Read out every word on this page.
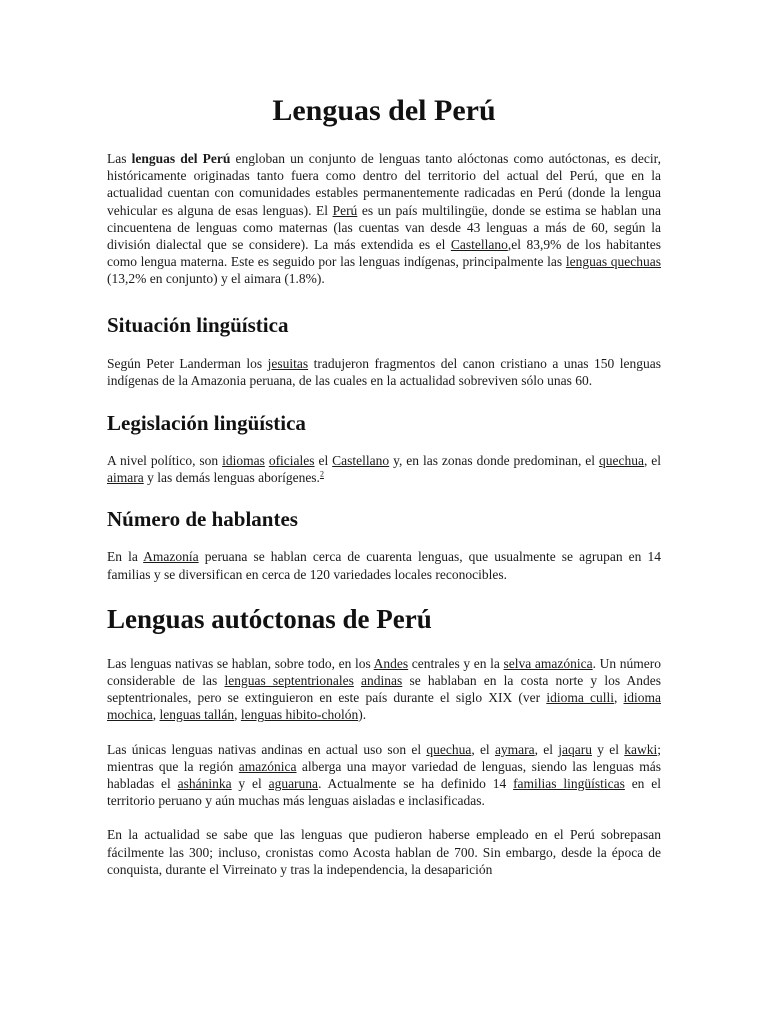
Lenguas del Perú

Las lenguas del Perú engloban un conjunto de lenguas tanto alóctonas como autóctonas, es decir, históricamente originadas tanto fuera como dentro del territorio del actual del Perú, que en la actualidad cuentan con comunidades estables permanentemente radicadas en Perú (donde la lengua vehicular es alguna de esas lenguas). El Perú es un país multilingüe, donde se estima se hablan una cincuentena de lenguas como maternas (las cuentas van desde 43 lenguas a más de 60, según la división dialectal que se considere). La más extendida es el Castellano,el 83,9% de los habitantes como lengua materna. Este es seguido por las lenguas indígenas, principalmente las lenguas quechuas (13,2% en conjunto) y el aimara (1.8%).

Situación lingüística

Según Peter Landerman los jesuitas tradujeron fragmentos del canon cristiano a unas 150 lenguas indígenas de la Amazonia peruana, de las cuales en la actualidad sobreviven sólo unas 60.

Legislación lingüística

A nivel político, son idiomas oficiales el Castellano y, en las zonas donde predominan, el quechua, el aimara y las demás lenguas aborígenes.$^2$

Número de hablantes

En la Amazonía peruana se hablan cerca de cuarenta lenguas, que usualmente se agrupan en 14 familias y se diversifican en cerca de 120 variedades locales reconocibles.

Lenguas autóctonas de Perú

Las lenguas nativas se hablan, sobre todo, en los Andes centrales y en la selva amazónica. Un número considerable de las lenguas septentrionales andinas se hablaban en la costa norte y los Andes septentrionales, pero se extinguieron en este país durante el siglo XIX (ver idioma culli, idioma mochica, lenguas tallán, lenguas hibito-cholón).

Las únicas lenguas nativas andinas en actual uso son el quechua, el aymara, el jaqaru y el kawki; mientras que la región amazónica alberga una mayor variedad de lenguas, siendo las lenguas más habladas el asháninka y el aguaruna. Actualmente se ha definido 14 familias lingüísticas en el territorio peruano y aún muchas más lenguas aisladas e inclasificadas.

En la actualidad se sabe que las lenguas que pudieron haberse empleado en el Perú sobrepasan fácilmente las 300; incluso, cronistas como Acosta hablan de 700. Sin embargo, desde la época de conquista, durante el Virreinato y tras la independencia, la desaparición
